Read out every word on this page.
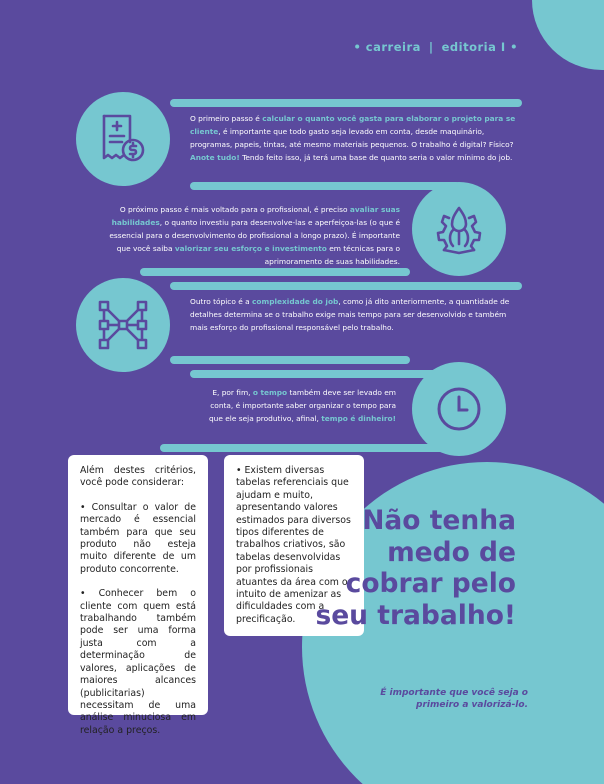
• carreira | editoria I •
O primeiro passo é calcular o quanto você gasta para elaborar o projeto para se cliente, é importante que todo gasto seja levado em conta, desde maquinário, programas, papeis, tintas, até mesmo materiais pequenos. O trabalho é digital? Físico? Anote tudo! Tendo feito isso, já terá uma base de quanto seria o valor mínimo do job.
O próximo passo é mais voltado para o profissional, é preciso avaliar suas habilidades, o quanto investiu para desenvolve-las e aperfeiçoa-las (o que é essencial para o desenvolvimento do profissional a longo prazo). É importante que você saiba valorizar seu esforço e investimento em técnicas para o aprimoramento de suas habilidades.
Outro tópico é a complexidade do job, como já dito anteriormente, a quantidade de detalhes determina se o trabalho exige mais tempo para ser desenvolvido e também mais esforço do profissional responsável pelo trabalho.
E, por fim, o tempo também deve ser levado em conta, é importante saber organizar o tempo para que ele seja produtivo, afinal, tempo é dinheiro!

Além destes critérios, você pode considerar:

• Consultar o valor de mercado é essencial também para que seu produto não esteja muito diferente de um produto concorrente.

• Conhecer bem o cliente com quem está trabalhando também pode ser uma forma justa com a determinação de valores, aplicações de maiores alcances (publicitarias) necessitam de uma análise minuciosa em relação a preços.

• Existem diversas tabelas referenciais que ajudam e muito, apresentando valores estimados para diversos tipos diferentes de trabalhos criativos, são tabelas desenvolvidas por profissionais atuantes da área com o intuito de amenizar as dificuldades com a precificação.

Não tenha medo de cobrar pelo seu trabalho!
É importante que você seja o primeiro a valorizá-lo.
